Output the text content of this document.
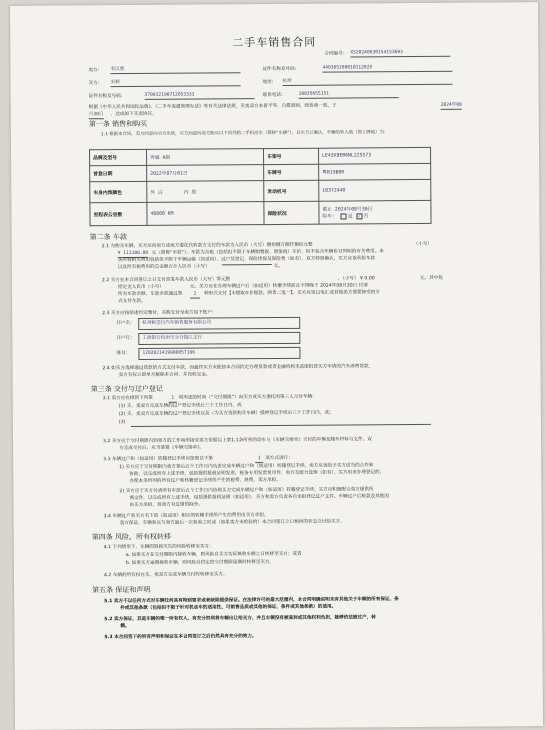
二手车销售合同
合同编号： XS20240830154153693
卖方： 李汉勇	证件名称及号码：	44030520001011202X
买方： 宋颖	地址： 杭州
证件名称及号码：	370832198712053333	联系电话：	18835655151
根据《中华人民共和国民法典》、《二手车流通管理办法》等有关法律法规，买卖双方本着平等、自愿原则，经协商一致，于	2024年08
月30日 ，达成如下买卖协议。
第一条 销售和购买
1.1 根据本合同，卖方同意向买方出售，买方同意向卖方购买以下所列的二手机动车（简称“车辆”），且买方已确认，车辆的转入地（即上牌地）为：
品牌及型号	奔驰 A级	车架号	LE43X8EB6NL225573
首登日期	2022年07月01日	车牌号	粤B19B0R
车身内饰颜色	外 白 内 黑	发动机号	10372440
里程表公里数	46000 KM	保险状况	截止 2024年08月30日
险车： 是 ✓ 否
第二条 车款
2.1 为购买车辆，买方应向卖方或卖方委托代收款方支付的车款为人民币（大写）捌拾捌万捌仟捌佰元整	（小写）
¥ 111100.00 元（简称“车款”）。车款为含税（包括但不限于车辆购置税、增值税）车价，但不包含车辆价目列明的有关费用。本
条所称相关费用包括但不限于车辆运输（如适用）、过户及登记、保险续保及保险费（如有）、双方特别确认，买方应该承担车款
以及所有税费用的总金额合计人民币（小写）	元。
2.2 买方在本合同签订之日支付首笔车款人民币（大写）零元整	，（小写） ¥ 0.00	元。其中包
括定金人民币（小写）	元。买方应在办理车辆过户后（如适用）转槽手续前且不得晚于 2024年08月30日 付清
所有车款余额。车款余款通过第	2	种形式支付【①提取②非提款，两者二选一】。买方应该以电汇或其他卖方需要接受的方
式支付车款。
2.3 买方应按前述约定缴付，买购支付至卖方如下账户：
开户名： 杭州粮堂行汽车销售服务有限公司
开户行： 工商银行杭州市分行钱江支行
账号：	1202021419900057186
2.4 如买方选择通过贷款的方式支付车款，而最终买方未能按本合同约定办理贷款或者金融机构未获能批贷买方申请的汽车消费贷款，
卖方有权立即单方解除本合同，并没收定金。
第三条 交付与过户登记
3.1 卖方应在接到下列第	1 项所述的时间（“交付期限”）向买方或买方委托的第三人交付车辆：
(1) 买、卖双方完成车辆的过户登记手续后三个工作日内，或
(2) 买、卖双方完成车辆的过户登记手续以及（为买方贷款购买车辆）抵押登记手续后三个工作日内，或；
(3)
3.2 买方应于交付期限内到卖方的工作场所接受卖方依据以上第1.1条所列的动车与《车辆交接单》交付的车辆及随车材料与文件。双
方完成交付后，应当签署《车辆交接单》。
3.3 车辆过户和（如适用）转籍登记手续应按照以下第	1 项方式进行：
1) 买方应于交付期限内卖方签后五个工作日内负责完成车辆过户和（如适用）转籍登记手续。卖方应该给予买方适当的合作和
协助，以完成所有上述手续，包括提供报税证明发票，税务专用发票复印件，卖方有能力处理（如有），买方用来办理登记的。
办理本条所列的所有过户和转籍登记手续所产生的税费、规费，卖方承担。
2) 买方应于买方付清所有车款后五个工作日内协助买方完成车辆过户和（如适用）转籍登记手续。买方应积极配合卖方提供所
需文件，以完成所有上述手续，包括提供报税证明（如适用），买方和卖方负责各自承担登记过户文件。车辆过户后税款及其他因
由买方承担，但卖方有过错的除外。
3.4 车辆过户系买方名下的（如适用）相应的转籍手续所产生的费用由买方承担。
卖方保证，车辆系以与卖方最后一次检验之时或（如果卖方未检验的）本合同签订之日相同的状态交付给买方。
第四条 风险，所有权转移
4.1 下列情形下，车辆的毁损灭失的风险转移至买方：
a. 如果买方在交付期限内接收车辆，则风险自买方实际接收车辆之日转移至买方；或者
b. 如果买方逾期接收车辆，则风险自约定的交付期限届满时转移至买方。
4.2 车辆的所有权在买、卖双方完成车辆交付时转移至买方。
第五条 保证和声明
5.1 卖方不以任何方式对车辆任何具有特别要求或者缺陷提供保证。在法律许可的最大范围内，本合同明确说明未有其他关于车辆的所有保证、条
件或其他条款（包括但不限于针对机动车的适用性、可销售品质或其他的保证，条件或其他条款）的适用。
5.2 卖方保证，其是车辆的唯一所有权人，有充分权利将车辆出让给买方，并且车辆没有被查封或其他权利负担，能够依法被过户，转
籍。
5.3 本合同签下的所有声明和保证在本合同签订之后仍然具有充分的效力。
